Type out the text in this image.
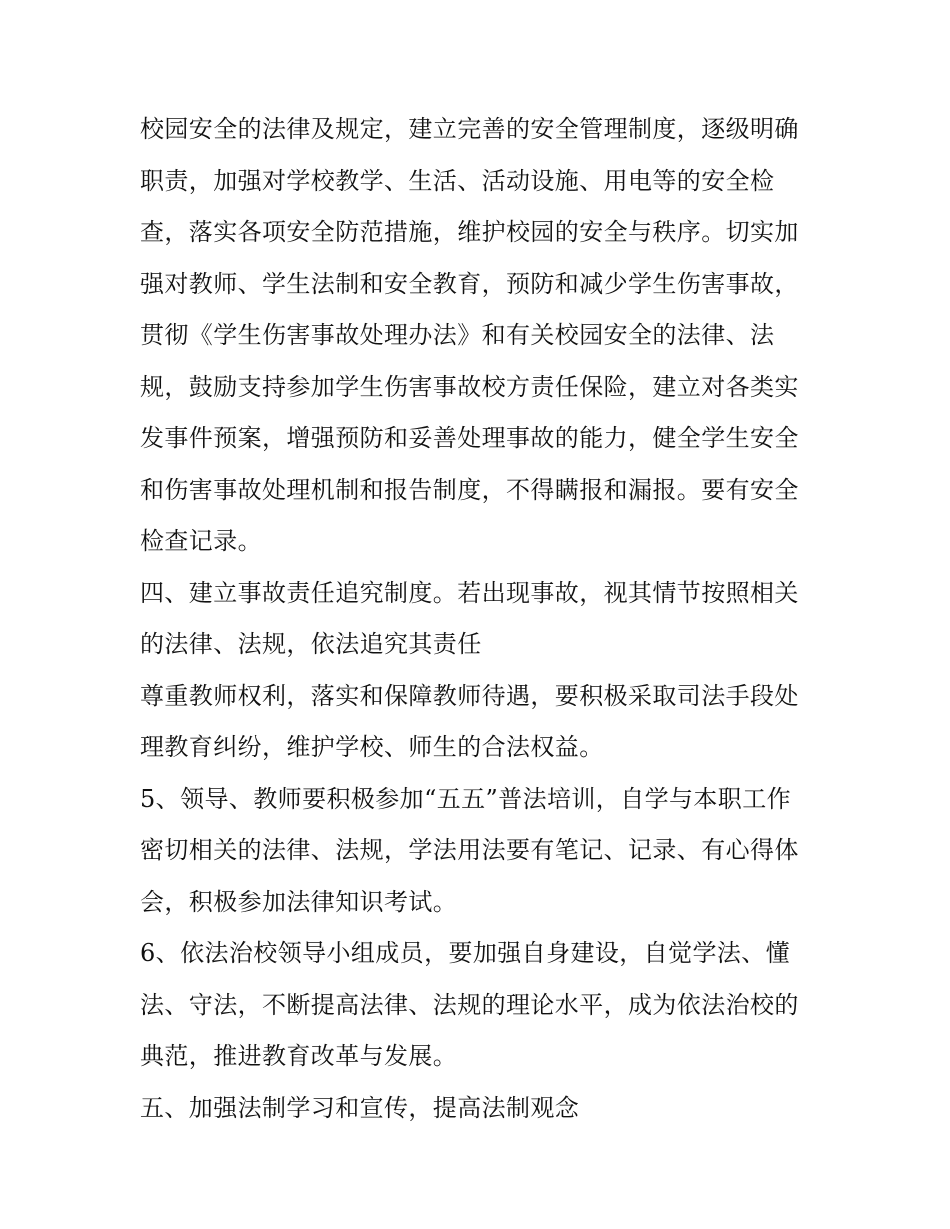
校园安全的法律及规定，建立完善的安全管理制度，逐级明确
职责，加强对学校教学、生活、活动设施、用电等的安全检
查，落实各项安全防范措施，维护校园的安全与秩序。切实加
强对教师、学生法制和安全教育，预防和减少学生伤害事故，
贯彻《学生伤害事故处理办法》和有关校园安全的法律、法
规，鼓励支持参加学生伤害事故校方责任保险，建立对各类实
发事件预案，增强预防和妥善处理事故的能力，健全学生安全
和伤害事故处理机制和报告制度，不得瞒报和漏报。要有安全
检查记录。
四、建立事故责任追究制度。若出现事故，视其情节按照相关
的法律、法规，依法追究其责任
尊重教师权利，落实和保障教师待遇，要积极采取司法手段处
理教育纠纷，维护学校、师生的合法权益。
5、领导、教师要积极参加“五五”普法培训，自学与本职工作
密切相关的法律、法规，学法用法要有笔记、记录、有心得体
会，积极参加法律知识考试。
6、依法治校领导小组成员，要加强自身建设，自觉学法、懂
法、守法，不断提高法律、法规的理论水平，成为依法治校的
典范，推进教育改革与发展。
五、加强法制学习和宣传，提高法制观念
